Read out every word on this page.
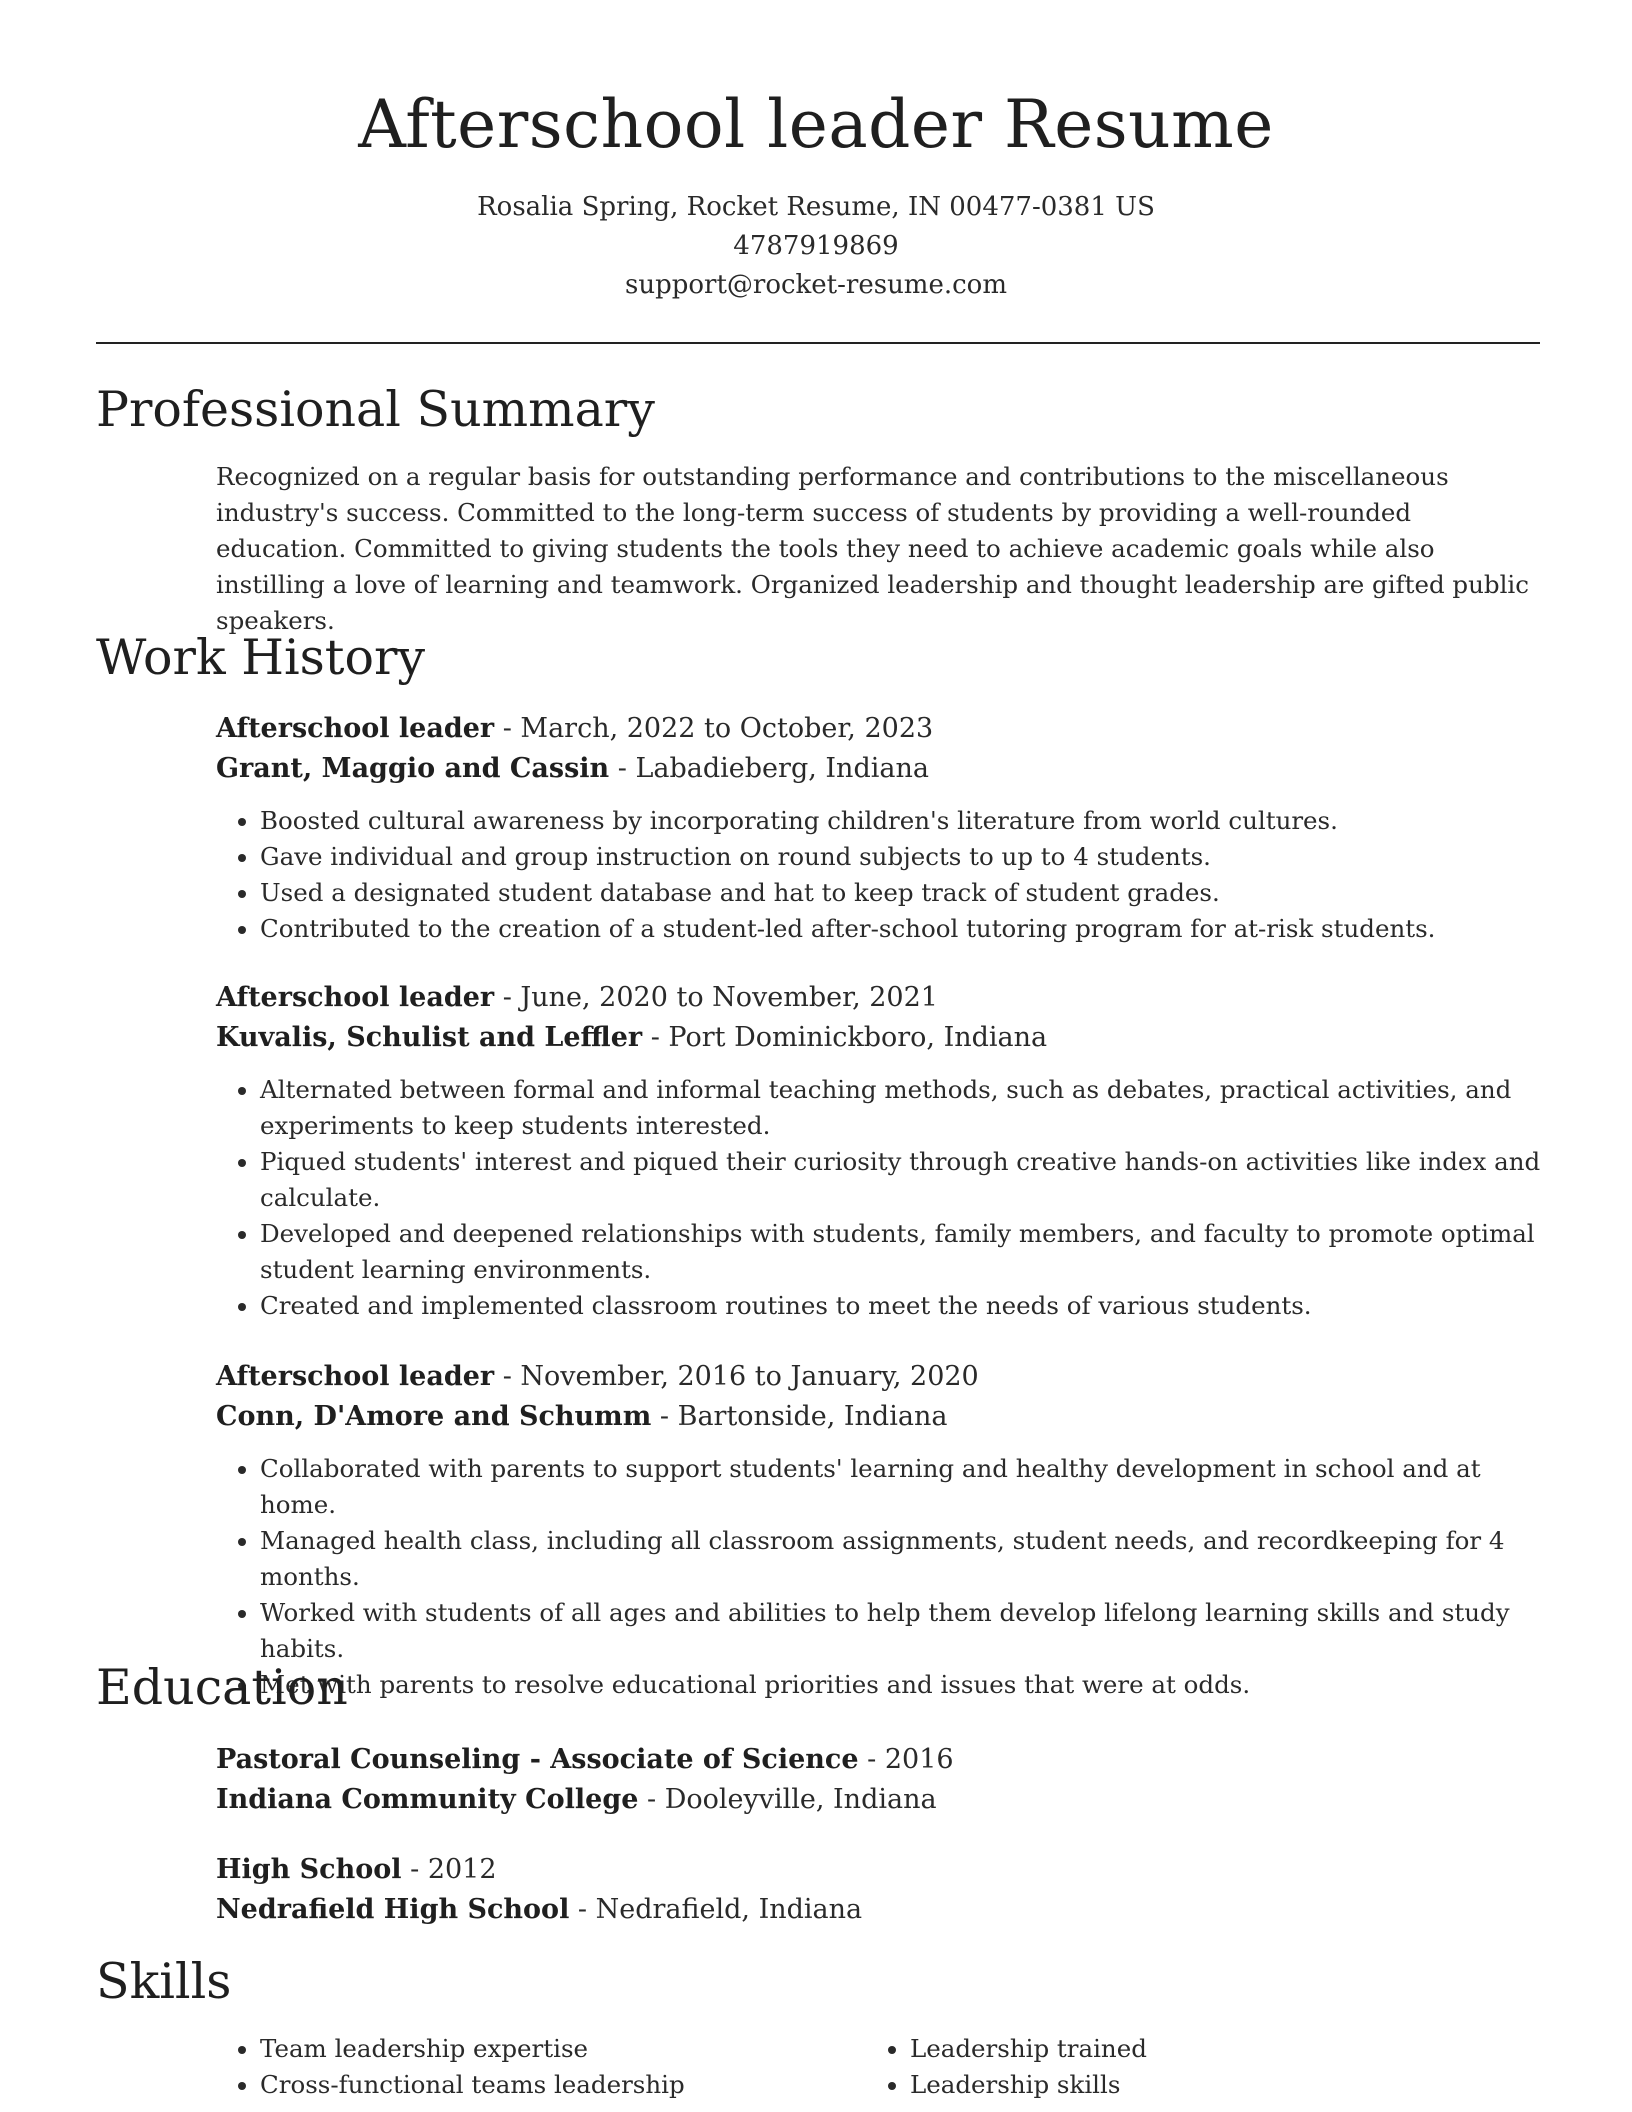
Afterschool leader Resume
Rosalia Spring, Rocket Resume, IN 00477-0381 US
4787919869
support@rocket-resume.com
Professional Summary

Recognized on a regular basis for outstanding performance and contributions to the miscellaneous industry's success. Committed to the long-term success of students by providing a well-rounded education. Committed to giving students the tools they need to achieve academic goals while also instilling a love of learning and teamwork. Organized leadership and thought leadership are gifted public speakers.

Work History
Afterschool leader - March, 2022 to October, 2023
Grant, Maggio and Cassin - Labadieberg, Indiana
• Boosted cultural awareness by incorporating children's literature from world cultures.
• Gave individual and group instruction on round subjects to up to 4 students.
• Used a designated student database and hat to keep track of student grades.
• Contributed to the creation of a student-led after-school tutoring program for at-risk students.
Afterschool leader - June, 2020 to November, 2021
Kuvalis, Schulist and Leffler - Port Dominickboro, Indiana
• Alternated between formal and informal teaching methods, such as debates, practical activities, and experiments to keep students interested.
• Piqued students' interest and piqued their curiosity through creative hands-on activities like index and calculate.
• Developed and deepened relationships with students, family members, and faculty to promote optimal student learning environments.
• Created and implemented classroom routines to meet the needs of various students.
Afterschool leader - November, 2016 to January, 2020
Conn, D'Amore and Schumm - Bartonside, Indiana
• Collaborated with parents to support students' learning and healthy development in school and at home.
• Managed health class, including all classroom assignments, student needs, and recordkeeping for 4 months.
• Worked with students of all ages and abilities to help them develop lifelong learning skills and study habits.
• Met with parents to resolve educational priorities and issues that were at odds.
Education
Pastoral Counseling - Associate of Science - 2016
Indiana Community College - Dooleyville, Indiana
High School - 2012
Nedrafield High School - Nedrafield, Indiana
Skills
• Team leadership expertise
• Cross-functional teams leadership
• Leadership trained
• Leadership skills
